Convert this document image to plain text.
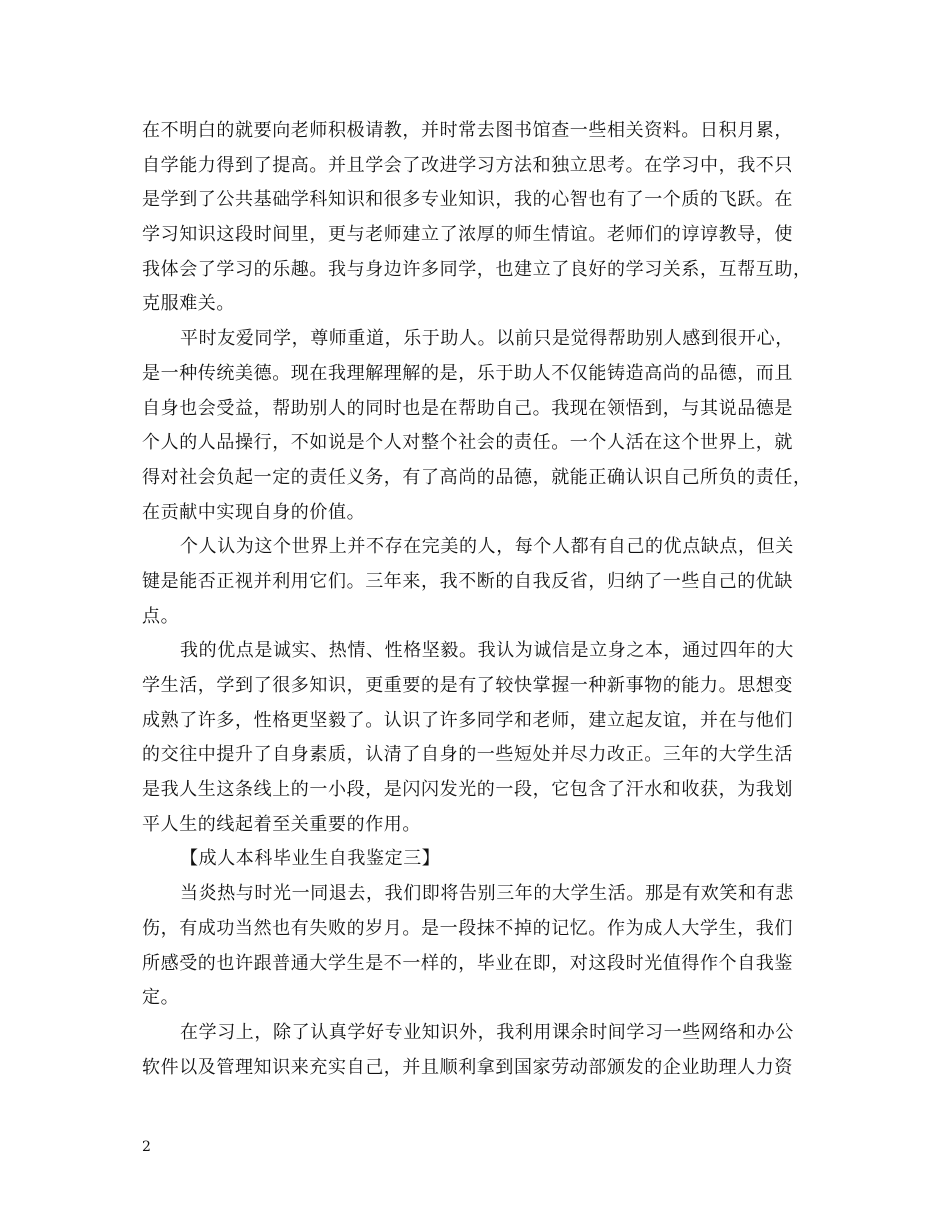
在不明白的就要向老师积极请教，并时常去图书馆查一些相关资料。日积月累，
自学能力得到了提高。并且学会了改进学习方法和独立思考。在学习中，我不只
是学到了公共基础学科知识和很多专业知识，我的心智也有了一个质的飞跃。在
学习知识这段时间里，更与老师建立了浓厚的师生情谊。老师们的谆谆教导，使
我体会了学习的乐趣。我与身边许多同学，也建立了良好的学习关系，互帮互助，
克服难关。
平时友爱同学，尊师重道，乐于助人。以前只是觉得帮助别人感到很开心，
是一种传统美德。现在我理解理解的是，乐于助人不仅能铸造高尚的品德，而且
自身也会受益，帮助别人的同时也是在帮助自己。我现在领悟到，与其说品德是
个人的人品操行，不如说是个人对整个社会的责任。一个人活在这个世界上，就
得对社会负起一定的责任义务，有了高尚的品德，就能正确认识自己所负的责任，
在贡献中实现自身的价值。
个人认为这个世界上并不存在完美的人，每个人都有自己的优点缺点，但关
键是能否正视并利用它们。三年来，我不断的自我反省，归纳了一些自己的优缺
点。
我的优点是诚实、热情、性格坚毅。我认为诚信是立身之本，通过四年的大
学生活，学到了很多知识，更重要的是有了较快掌握一种新事物的能力。思想变
成熟了许多，性格更坚毅了。认识了许多同学和老师，建立起友谊，并在与他们
的交往中提升了自身素质，认清了自身的一些短处并尽力改正。三年的大学生活
是我人生这条线上的一小段，是闪闪发光的一段，它包含了汗水和收获，为我划
平人生的线起着至关重要的作用。
【成人本科毕业生自我鉴定三】
当炎热与时光一同退去，我们即将告别三年的大学生活。那是有欢笑和有悲
伤，有成功当然也有失败的岁月。是一段抹不掉的记忆。作为成人大学生，我们
所感受的也许跟普通大学生是不一样的，毕业在即，对这段时光值得作个自我鉴
定。
在学习上，除了认真学好专业知识外，我利用课余时间学习一些网络和办公
软件以及管理知识来充实自己，并且顺利拿到国家劳动部颁发的企业助理人力资
2
